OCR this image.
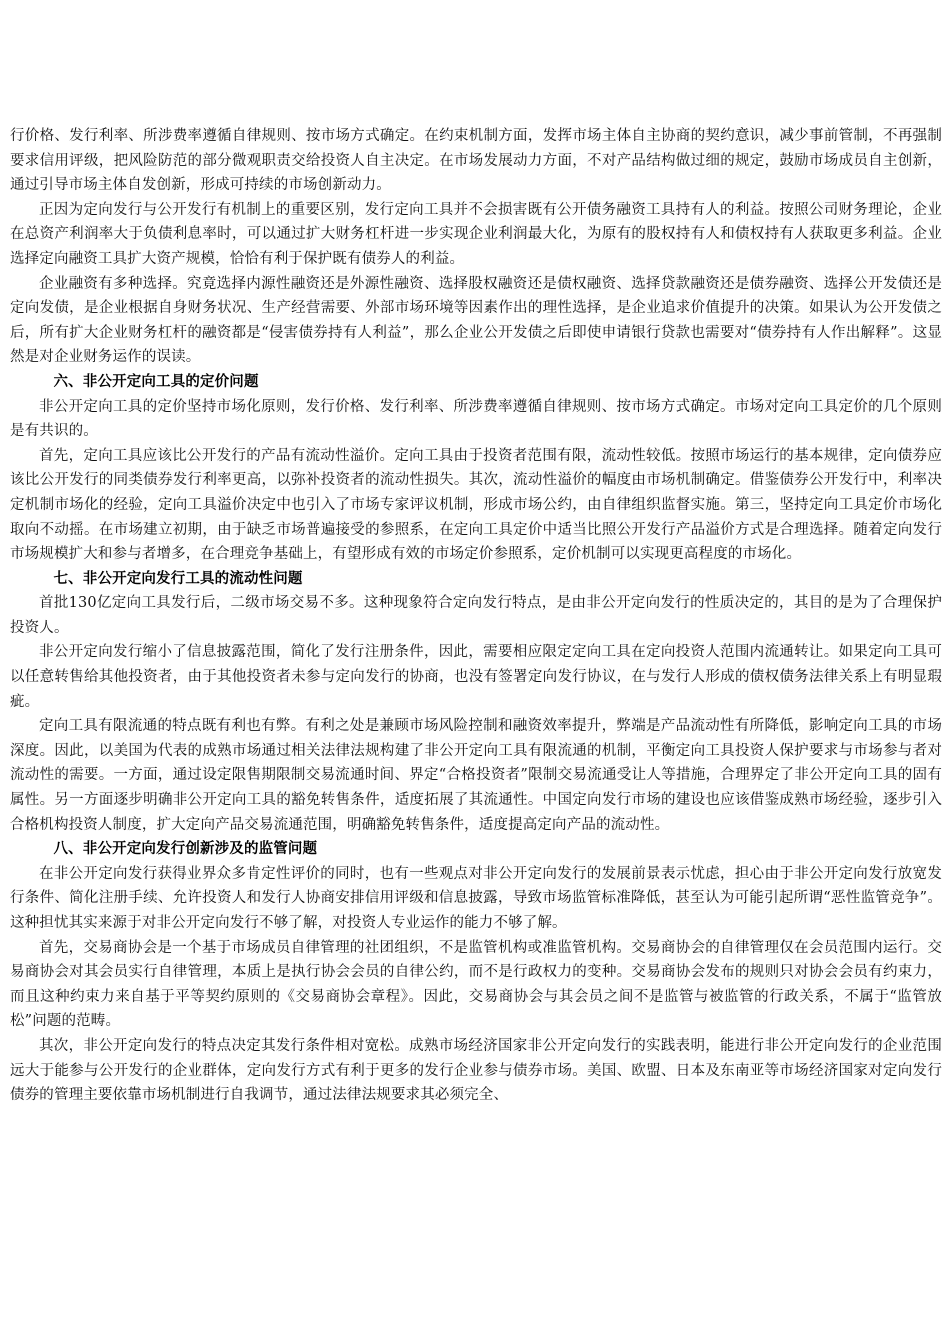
行价格、发行利率、所涉费率遵循自律规则、按市场方式确定。在约束机制方面，发挥市场主体自主协商的契约意识，减少事前管制，不再强制要求信用评级，把风险防范的部分微观职责交给投资人自主决定。在市场发展动力方面，不对产品结构做过细的规定，鼓励市场成员自主创新，通过引导市场主体自发创新，形成可持续的市场创新动力。

正因为定向发行与公开发行有机制上的重要区别，发行定向工具并不会损害既有公开债务融资工具持有人的利益。按照公司财务理论，企业在总资产利润率大于负债利息率时，可以通过扩大财务杠杆进一步实现企业利润最大化，为原有的股权持有人和债权持有人获取更多利益。企业选择定向融资工具扩大资产规模，恰恰有利于保护既有债券人的利益。

企业融资有多种选择。究竟选择内源性融资还是外源性融资、选择股权融资还是债权融资、选择贷款融资还是债券融资、选择公开发债还是定向发债，是企业根据自身财务状况、生产经营需要、外部市场环境等因素作出的理性选择，是企业追求价值提升的决策。如果认为公开发债之后，所有扩大企业财务杠杆的融资都是“侵害债券持有人利益”，那么企业公开发债之后即使申请银行贷款也需要对“债券持有人作出解释”。这显然是对企业财务运作的误读。

六、非公开定向工具的定价问题

非公开定向工具的定价坚持市场化原则，发行价格、发行利率、所涉费率遵循自律规则、按市场方式确定。市场对定向工具定价的几个原则是有共识的。

首先，定向工具应该比公开发行的产品有流动性溢价。定向工具由于投资者范围有限，流动性较低。按照市场运行的基本规律，定向债券应该比公开发行的同类债券发行利率更高，以弥补投资者的流动性损失。其次，流动性溢价的幅度由市场机制确定。借鉴债券公开发行中，利率决定机制市场化的经验，定向工具溢价决定中也引入了市场专家评议机制，形成市场公约，由自律组织监督实施。第三，坚持定向工具定价市场化取向不动摇。在市场建立初期，由于缺乏市场普遍接受的参照系，在定向工具定价中适当比照公开发行产品溢价方式是合理选择。随着定向发行市场规模扩大和参与者增多，在合理竞争基础上，有望形成有效的市场定价参照系，定价机制可以实现更高程度的市场化。

七、非公开定向发行工具的流动性问题

首批130亿定向工具发行后，二级市场交易不多。这种现象符合定向发行特点，是由非公开定向发行的性质决定的，其目的是为了合理保护投资人。

非公开定向发行缩小了信息披露范围，简化了发行注册条件，因此，需要相应限定定向工具在定向投资人范围内流通转让。如果定向工具可以任意转售给其他投资者，由于其他投资者未参与定向发行的协商，也没有签署定向发行协议，在与发行人形成的债权债务法律关系上有明显瑕疵。

定向工具有限流通的特点既有利也有弊。有利之处是兼顾市场风险控制和融资效率提升，弊端是产品流动性有所降低，影响定向工具的市场深度。因此，以美国为代表的成熟市场通过相关法律法规构建了非公开定向工具有限流通的机制，平衡定向工具投资人保护要求与市场参与者对流动性的需要。一方面，通过设定限售期限制交易流通时间、界定“合格投资者”限制交易流通受让人等措施，合理界定了非公开定向工具的固有属性。另一方面逐步明确非公开定向工具的豁免转售条件，适度拓展了其流通性。中国定向发行市场的建设也应该借鉴成熟市场经验，逐步引入合格机构投资人制度，扩大定向产品交易流通范围，明确豁免转售条件，适度提高定向产品的流动性。

八、非公开定向发行创新涉及的监管问题

在非公开定向发行获得业界众多肯定性评价的同时，也有一些观点对非公开定向发行的发展前景表示忧虑，担心由于非公开定向发行放宽发行条件、简化注册手续、允许投资人和发行人协商安排信用评级和信息披露，导致市场监管标准降低，甚至认为可能引起所谓“恶性监管竞争”。这种担忧其实来源于对非公开定向发行不够了解，对投资人专业运作的能力不够了解。

首先，交易商协会是一个基于市场成员自律管理的社团组织，不是监管机构或准监管机构。交易商协会的自律管理仅在会员范围内运行。交易商协会对其会员实行自律管理，本质上是执行协会会员的自律公约，而不是行政权力的变种。交易商协会发布的规则只对协会会员有约束力，而且这种约束力来自基于平等契约原则的《交易商协会章程》。因此，交易商协会与其会员之间不是监管与被监管的行政关系，不属于“监管放松”问题的范畴。

其次，非公开定向发行的特点决定其发行条件相对宽松。成熟市场经济国家非公开定向发行的实践表明，能进行非公开定向发行的企业范围远大于能参与公开发行的企业群体，定向发行方式有利于更多的发行企业参与债券市场。美国、欧盟、日本及东南亚等市场经济国家对定向发行债券的管理主要依靠市场机制进行自我调节，通过法律法规要求其必须完全、
